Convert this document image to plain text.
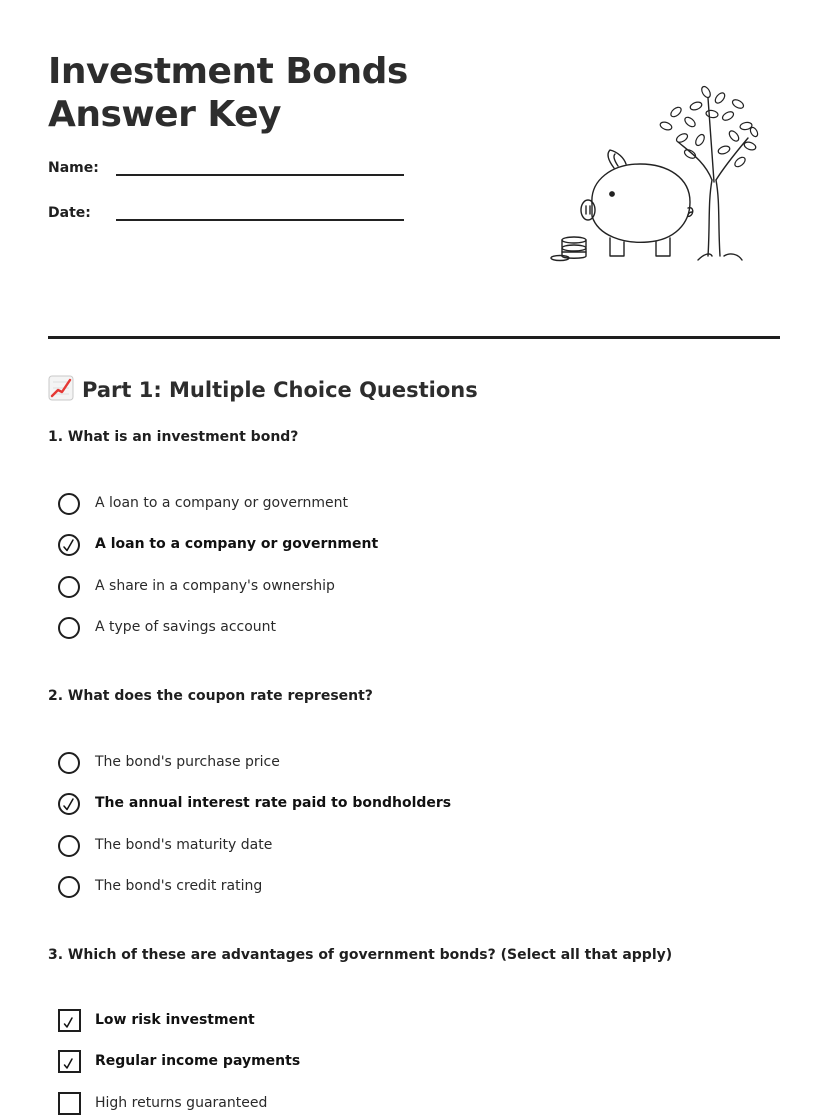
Investment Bonds
Answer Key
Name:
Date:
Part 1: Multiple Choice Questions
1. What is an investment bond?
A loan to a company or government
A loan to a company or government
A share in a company's ownership
A type of savings account
2. What does the coupon rate represent?
The bond's purchase price
The annual interest rate paid to bondholders
The bond's maturity date
The bond's credit rating
3. Which of these are advantages of government bonds? (Select all that apply)
Low risk investment
Regular income payments
High returns guaranteed
